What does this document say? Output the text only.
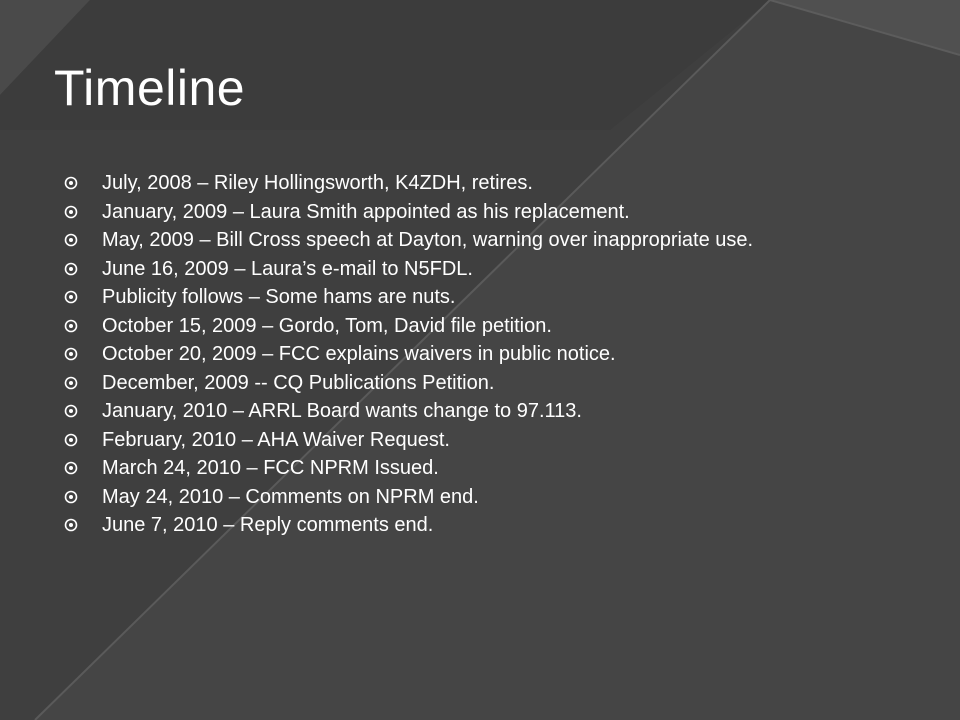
Timeline
July, 2008 – Riley Hollingsworth, K4ZDH, retires.
January, 2009 – Laura Smith appointed as his replacement.
May, 2009 – Bill Cross speech at Dayton, warning over inappropriate use.
June 16, 2009 – Laura’s e-mail to N5FDL.
Publicity follows – Some hams are nuts.
October 15, 2009 – Gordo, Tom, David file petition.
October 20, 2009 – FCC explains waivers in public notice.
December, 2009 -- CQ Publications Petition.
January, 2010 – ARRL Board wants change to 97.113.
February, 2010 – AHA Waiver Request.
March 24, 2010 – FCC NPRM Issued.
May 24, 2010 – Comments on NPRM end.
June 7, 2010 – Reply comments end.
